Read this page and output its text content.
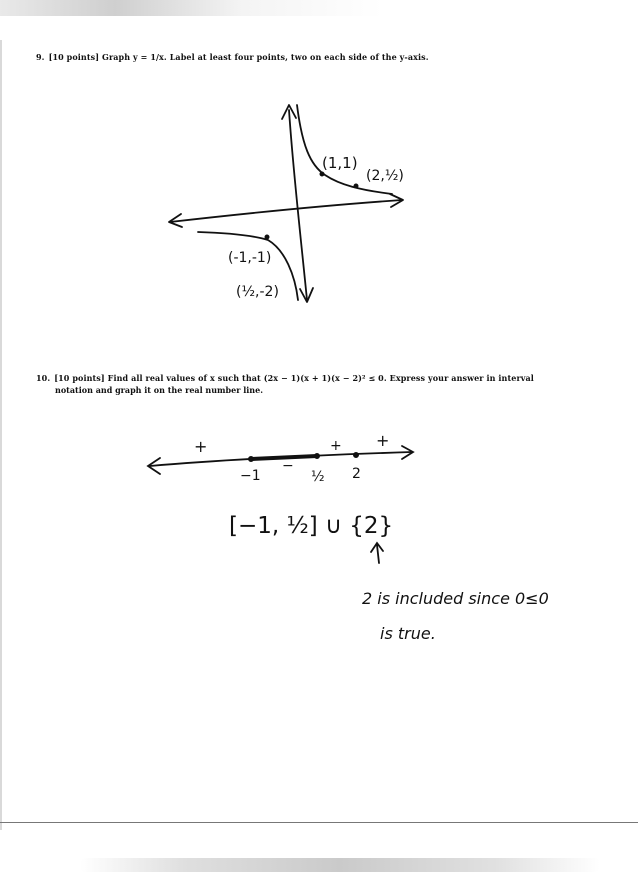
9. [10 points] Graph y = 1/x. Label at least four points, two on each side of the y-axis.
(1,1)
(2,½)
(-1,-1)
(½,-2)
+
−
+ +
−1	½ 2
[−1, ½] ∪ {2}
2 is included since 0≤0
is true.
10. [10 points] Find all real values of x such that (2x − 1)(x + 1)(x − 2)² ≤ 0. Express your answer in interval
notation and graph it on the real number line.
